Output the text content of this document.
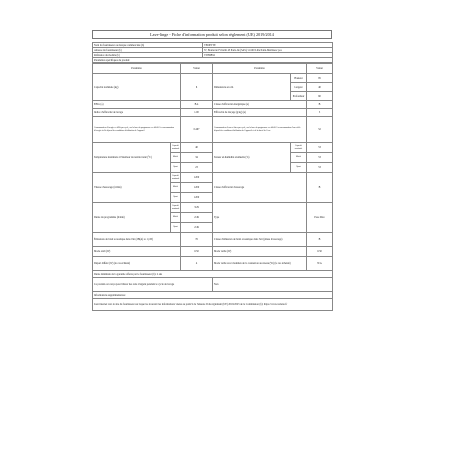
Lave-linge - Fiche d'information produit selon règlement (UE) 2019/2014
Nom du fournisseur ou marque commerciale (b)	VEDETTE
Adresse du fournisseur (b)	37, Boulevard Vivaldi 43 Paris-Ile (SAS)/ 41100 Lille/Saint-Mérinnes/ pos
Référence du modèle (b)	VTH6B52
Paramètres spécifiques du produit:	
Paramètre		Valeur	Paramètre		Valeur
Capacité nominale (kg)		6	Dimensions en cm	Hauteur	85
				Largeur	40
				Profondeur	60
EEIw (a)		B.4	Classe d'efficacité énergétique (a)		B
Indice d'efficacité de lavage		1.00	Efficacité de rinçage (g/kg) (a)		5
Consommation d'énergie en kWh par cycle, sur la base du programme eco 40-60. La consommation d'énergie réelle dépend des conditions d'utilisation de l'appareil		0.497	Consommation d'eau en litres par cycle, sur la base du programme eco 40-60. La consommation d'eau réelle dépend des conditions d'utilisation de l'appareil et de la dureté de l'eau		52
Température maximale à l'intérieur du textile traité (°C)	Capacité nominale	40	Teneur en humidité résiduelle (%)	Capacité nominale	53
	Moitié	34		Moitié	53
	Quart	23		Quart	53
Vitesse d'essorage (tr/min)	Capacité nominale	1200	Classe d'efficacité d'essorage		B
	Moitié	1200			
	Quart	1200			
Durée du programme (h:min)	Capacité nominale	3:29	Type		Pose libre
	Moitié	2:49			
	Quart	2:49			
Émissions de bruit acoustique dans l'air (dB(A) re 1 pW)		76	Classe d'émission de bruit acoustique dans l'air (phase d'essorage)		B
Mode arrêt (W)		0.50	Mode veille (W)		0.50
Départ différé (W) (le cas échéant)		4	Mode veille avec maintien de la connexion au réseau (W) (le cas échéant)		N/A
Durée minimale de la garantie offerte par le fournisseur (b): 2 ans					
Ce produit est conçu pour libérer des ions d'argent pendant le cycle de lavage			Non		
Informations supplémentaires:					
Lien internet vers le site du fournisseur sur lequel se trouvent les informations visées au point 9 de l'annexe II du règlement (UE) 2019/2023 de la Commission (b): https://www.vedette.fr					
